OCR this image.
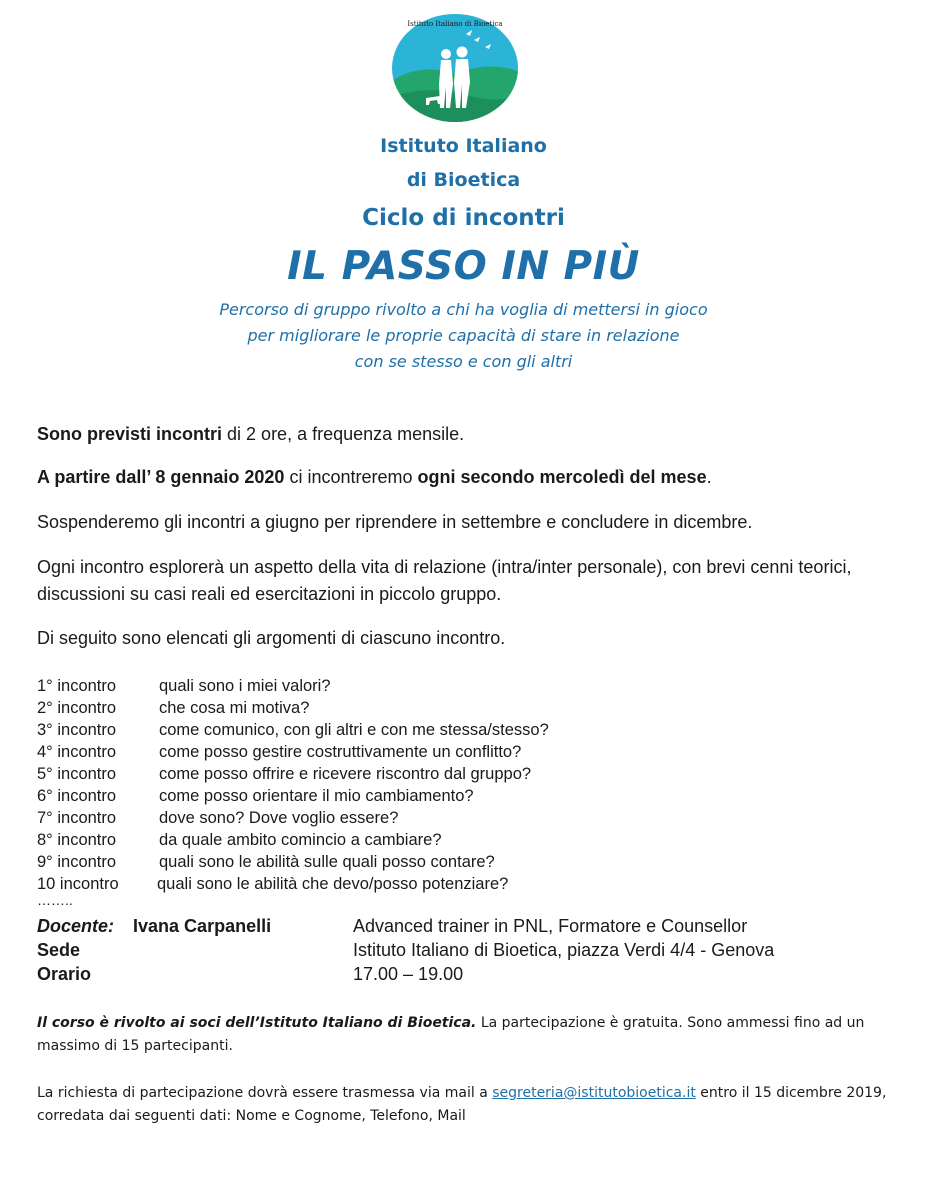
Istituto Italiano di Bioetica
Istituto Italiano
di Bioetica
Ciclo di incontri
IL PASSO IN PIÙ
Percorso di gruppo rivolto a chi ha voglia di mettersi in gioco
per migliorare le proprie capacità di stare in relazione
con se stesso e con gli altri
Sono previsti incontri di 2 ore, a frequenza mensile.
A partire dall’ 8 gennaio 2020 ci incontreremo ogni secondo mercoledì del mese.
Sospenderemo gli incontri a giugno per riprendere in settembre e concludere in dicembre.
Ogni incontro esplorerà un aspetto della vita di relazione (intra/inter personale), con brevi cenni teorici, discussioni su casi reali ed esercitazioni in piccolo gruppo.
Di seguito sono elencati gli argomenti di ciascuno incontro.
1° incontro	quali sono i miei valori?
2° incontro	che cosa mi motiva?
3° incontro	come comunico, con gli altri e con me stessa/stesso?
4° incontro	come posso gestire costruttivamente un conflitto?
5° incontro	come posso offrire e ricevere riscontro dal gruppo?
6° incontro	come posso orientare il mio cambiamento?
7° incontro	dove sono? Dove voglio essere?
8° incontro	da quale ambito comincio a cambiare?
9° incontro	quali sono le abilità sulle quali posso contare?
10 incontro	quali sono le abilità che devo/posso potenziare?
……..
Docente: Ivana Carpanelli	Advanced trainer in PNL, Formatore e Counsellor
Sede	Istituto Italiano di Bioetica, piazza Verdi 4/4 - Genova
Orario	17.00 – 19.00
Il corso è rivolto ai soci dell’Istituto Italiano di Bioetica. La partecipazione è gratuita. Sono ammessi fino ad un massimo di 15 partecipanti.
La richiesta di partecipazione dovrà essere trasmessa via mail a segreteria@istitutobioetica.it entro il 15 dicembre 2019, corredata dai seguenti dati: Nome e Cognome, Telefono, Mail
